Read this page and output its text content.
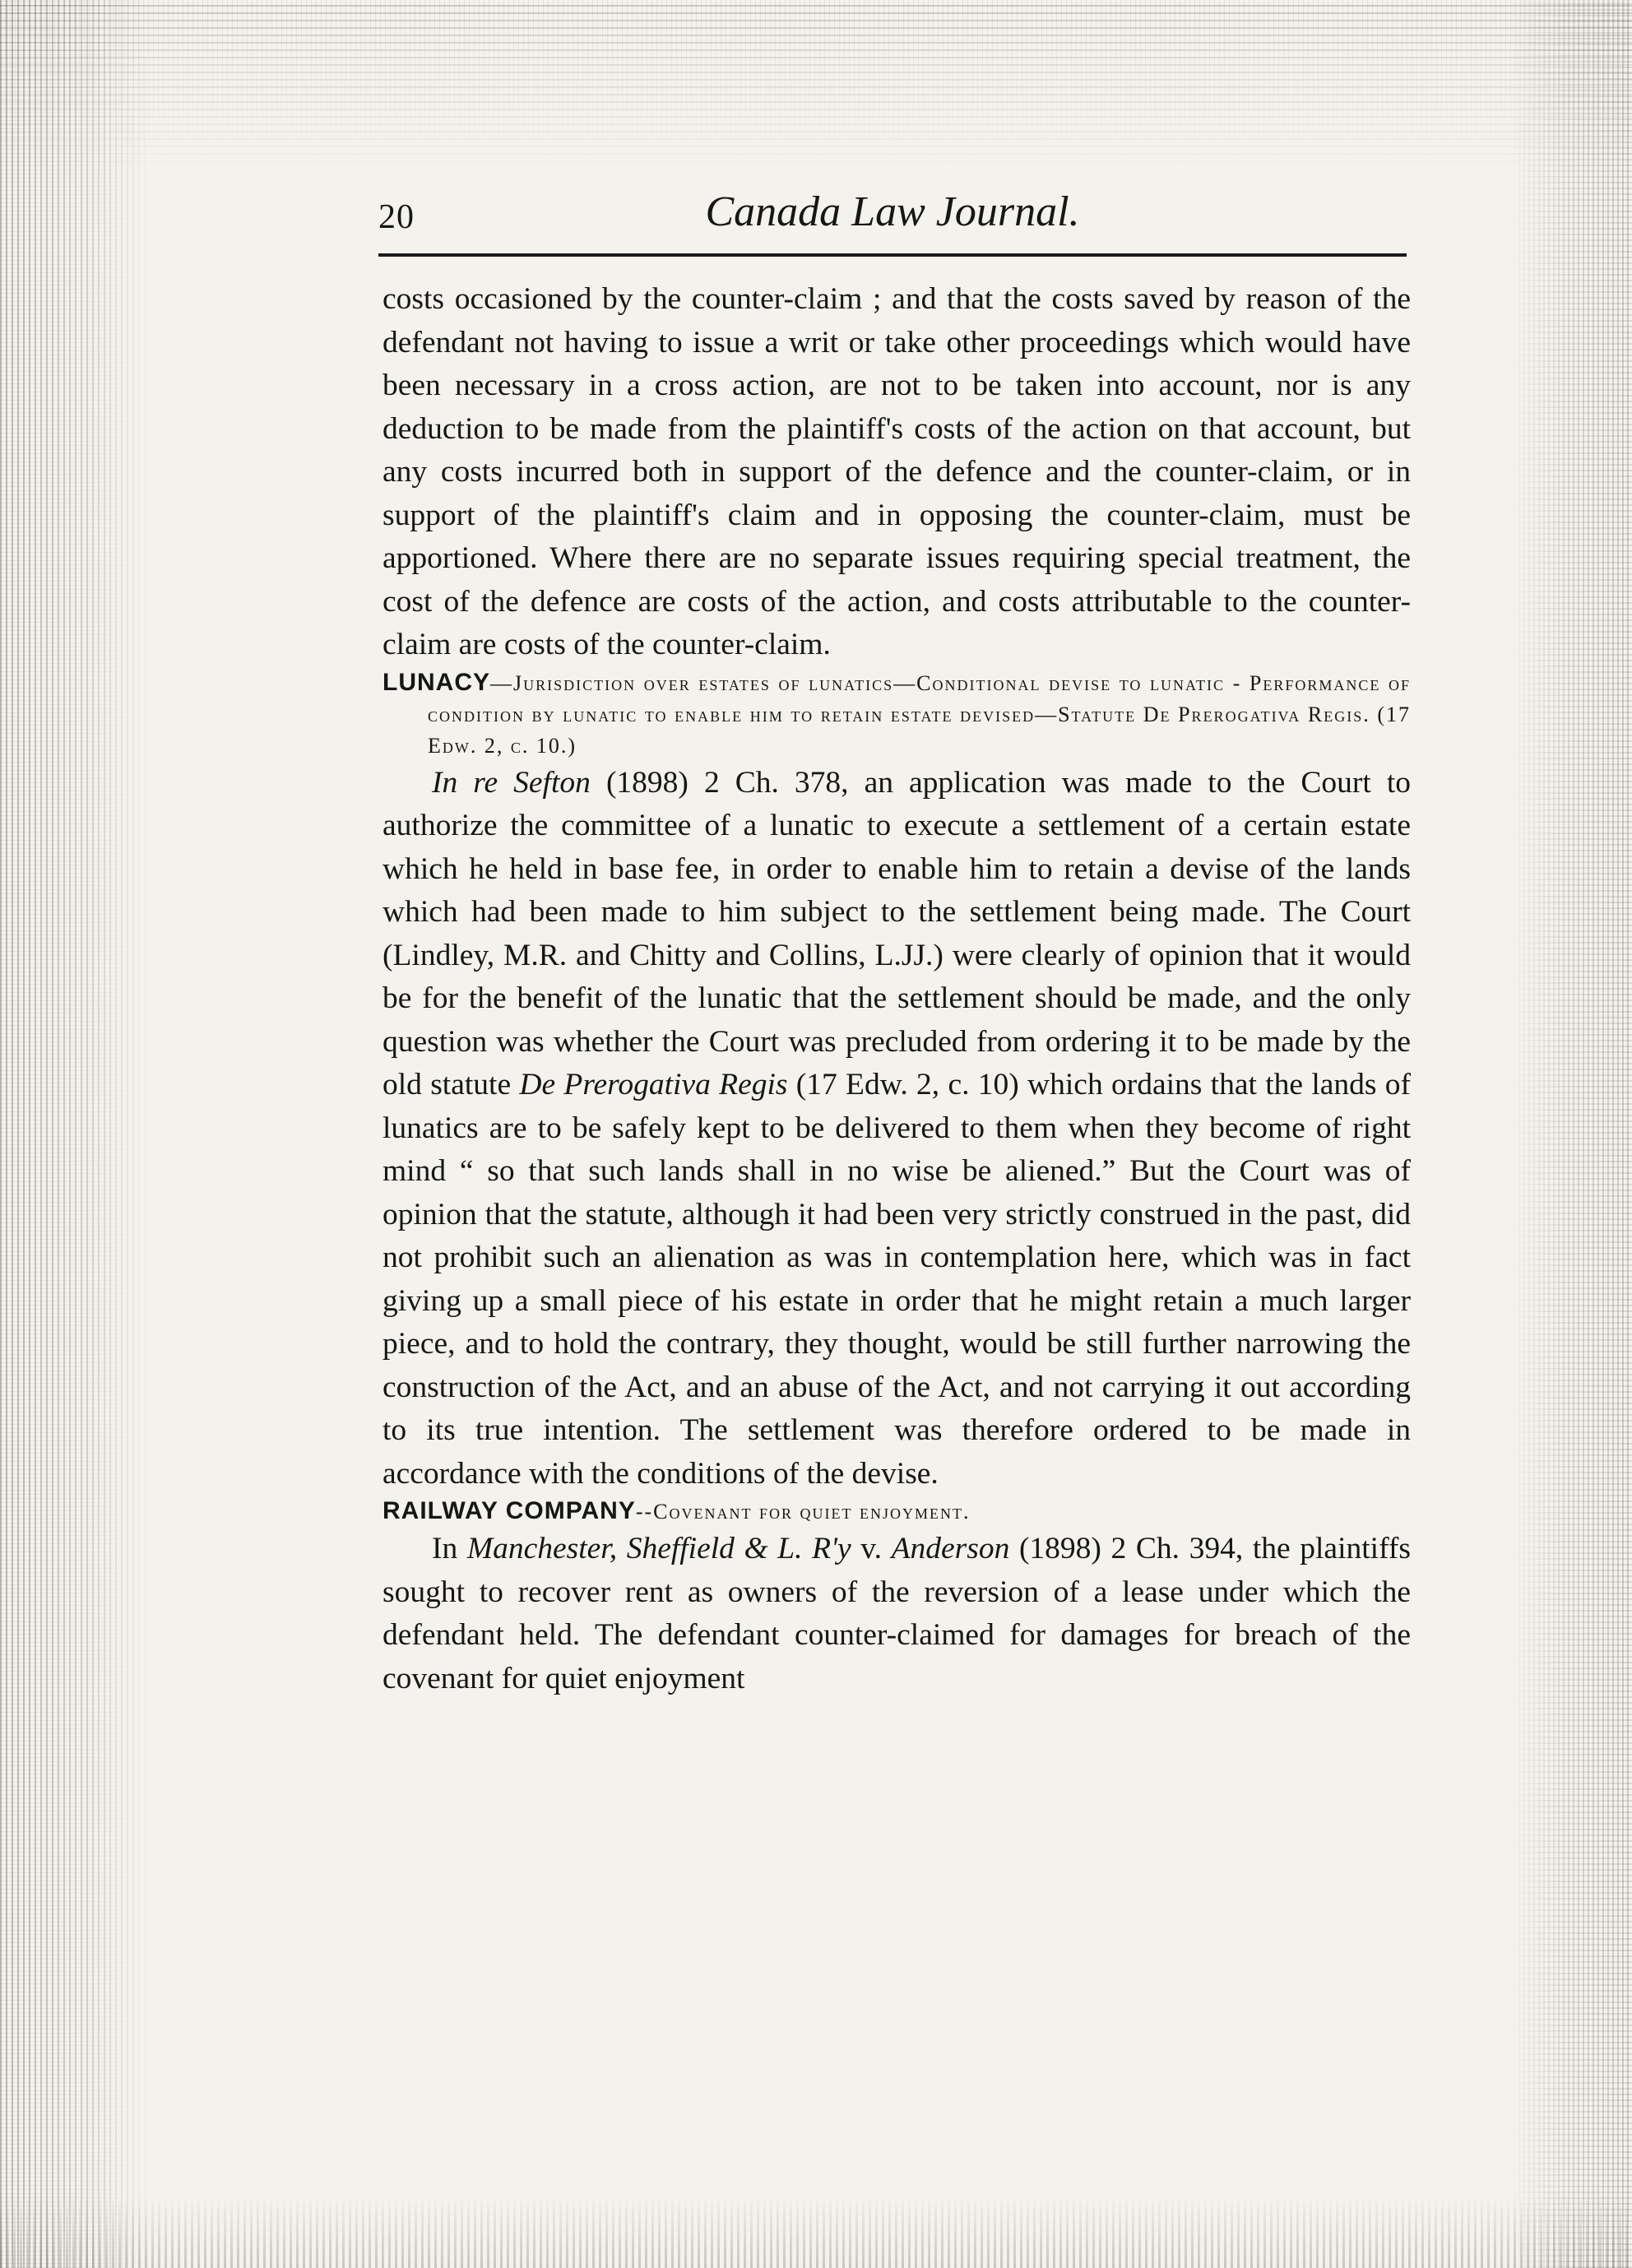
20	Canada Law Journal.

costs occasioned by the counter-claim ; and that the costs saved by reason of the defendant not having to issue a writ or take other proceedings which would have been necessary in a cross action, are not to be taken into account, nor is any deduction to be made from the plaintiff's costs of the action on that account, but any costs incurred both in support of the defence and the counter-claim, or in support of the plaintiff's claim and in opposing the counter-claim, must be apportioned. Where there are no separate issues requiring special treatment, the cost of the defence are costs of the action, and costs attributable to the counter-claim are costs of the counter-claim.

LUNACY—Jurisdiction over estates of lunatics—Conditional devise to lunatic - Performance of condition by lunatic to enable him to retain estate devised—Statute De Prerogativa Regis. (17 Edw. 2, c. 10.)

In re Sefton (1898) 2 Ch. 378, an application was made to the Court to authorize the committee of a lunatic to execute a settlement of a certain estate which he held in base fee, in order to enable him to retain a devise of the lands which had been made to him subject to the settlement being made. The Court (Lindley, M.R. and Chitty and Collins, L.JJ.) were clearly of opinion that it would be for the benefit of the lunatic that the settlement should be made, and the only question was whether the Court was precluded from ordering it to be made by the old statute De Prerogativa Regis (17 Edw. 2, c. 10) which ordains that the lands of lunatics are to be safely kept to be delivered to them when they become of right mind “ so that such lands shall in no wise be aliened.” But the Court was of opinion that the statute, although it had been very strictly construed in the past, did not prohibit such an alienation as was in contemplation here, which was in fact giving up a small piece of his estate in order that he might retain a much larger piece, and to hold the contrary, they thought, would be still further narrowing the construction of the Act, and an abuse of the Act, and not carrying it out according to its true intention. The settlement was therefore ordered to be made in accordance with the conditions of the devise.

RAILWAY COMPANY--Covenant for quiet enjoyment.

In Manchester, Sheffield & L. R'y v. Anderson (1898) 2 Ch. 394, the plaintiffs sought to recover rent as owners of the reversion of a lease under which the defendant held. The defendant counter-claimed for damages for breach of the covenant for quiet enjoyment
